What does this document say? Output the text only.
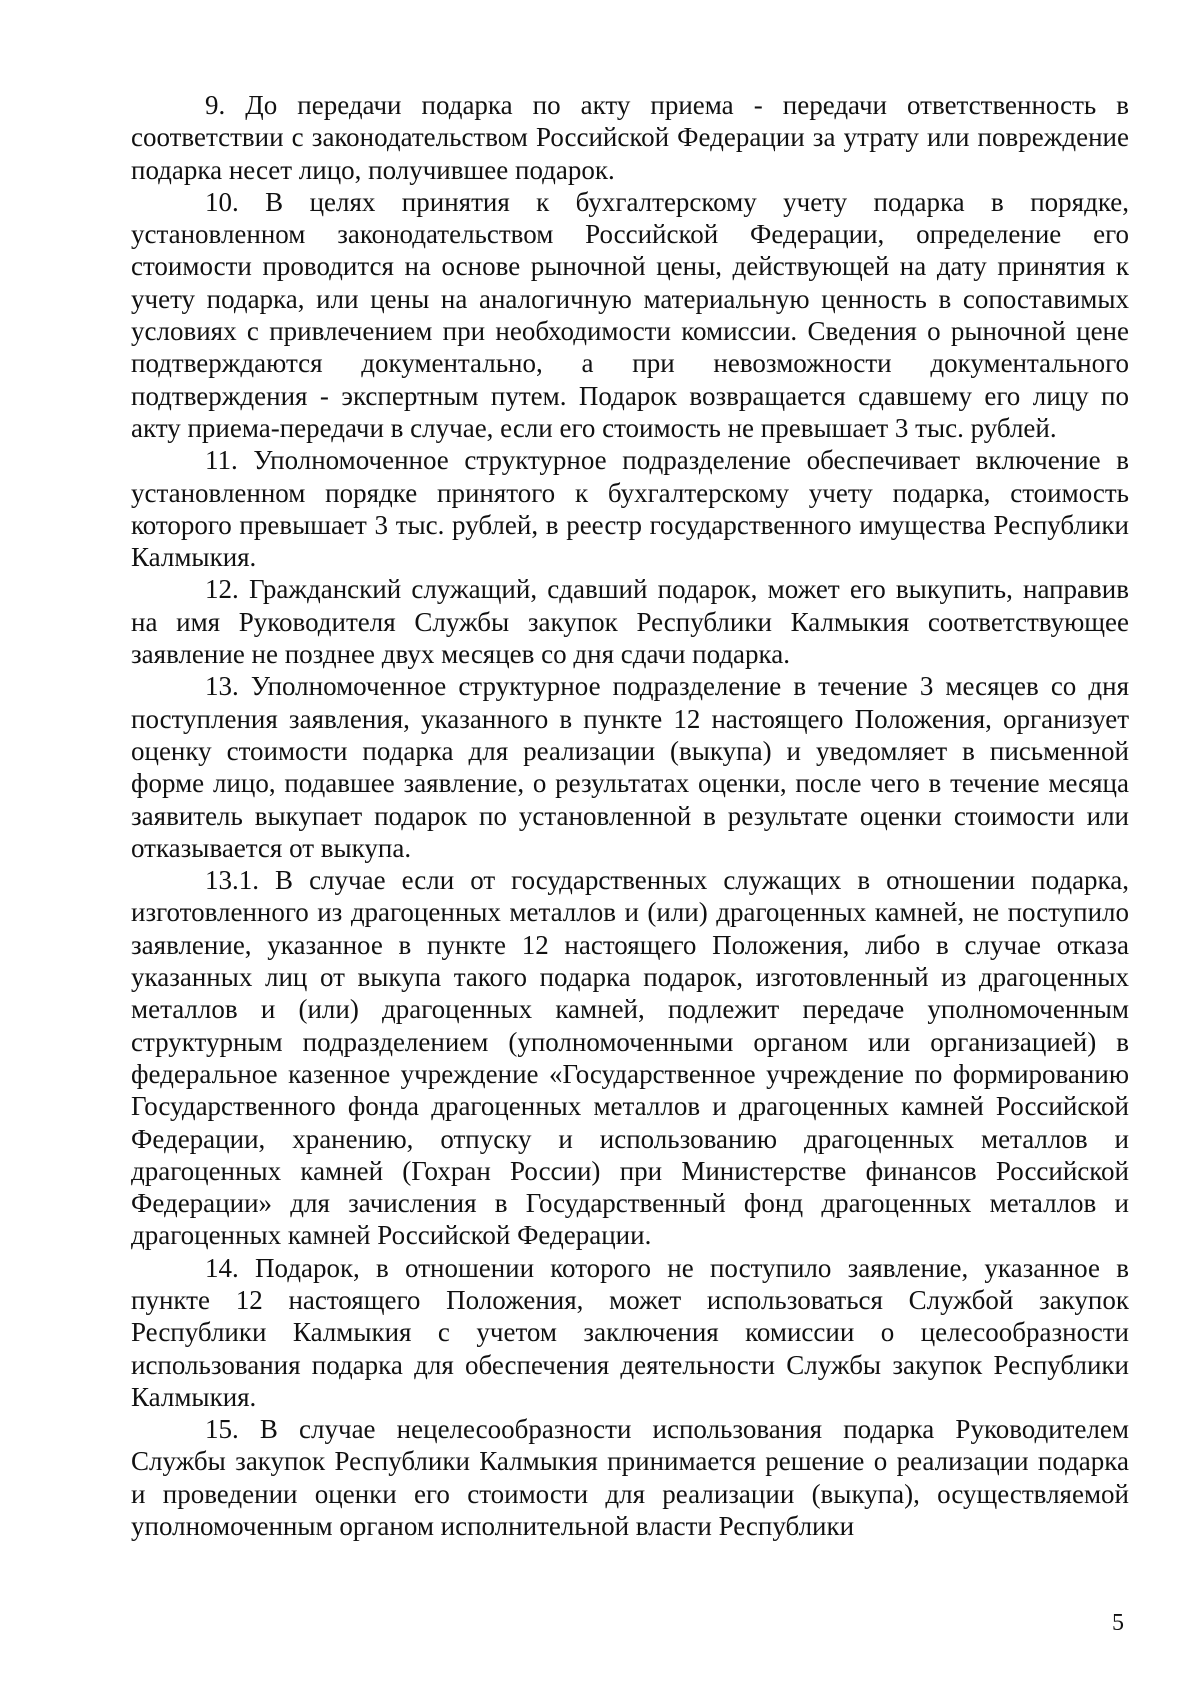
9. До передачи подарка по акту приема - передачи ответственность в соответствии с законодательством Российской Федерации за утрату или повреждение подарка несет лицо, получившее подарок.

10. В целях принятия к бухгалтерскому учету подарка в порядке, установленном законодательством Российской Федерации, определение его стоимости проводится на основе рыночной цены, действующей на дату принятия к учету подарка, или цены на аналогичную материальную ценность в сопоставимых условиях с привлечением при необходимости комиссии. Сведения о рыночной цене подтверждаются документально, а при невозможности документального подтверждения - экспертным путем. Подарок возвращается сдавшему его лицу по акту приема-передачи в случае, если его стоимость не превышает 3 тыс. рублей.

11. Уполномоченное структурное подразделение обеспечивает включение в установленном порядке принятого к бухгалтерскому учету подарка, стоимость которого превышает 3 тыс. рублей, в реестр государственного имущества Республики Калмыкия.

12. Гражданский служащий, сдавший подарок, может его выкупить, направив на имя Руководителя Службы закупок Республики Калмыкия соответствующее заявление не позднее двух месяцев со дня сдачи подарка.

13. Уполномоченное структурное подразделение в течение 3 месяцев со дня поступления заявления, указанного в пункте 12 настоящего Положения, организует оценку стоимости подарка для реализации (выкупа) и уведомляет в письменной форме лицо, подавшее заявление, о результатах оценки, после чего в течение месяца заявитель выкупает подарок по установленной в результате оценки стоимости или отказывается от выкупа.

13.1. В случае если от государственных служащих в отношении подарка, изготовленного из драгоценных металлов и (или) драгоценных камней, не поступило заявление, указанное в пункте 12 настоящего Положения, либо в случае отказа указанных лиц от выкупа такого подарка подарок, изготовленный из драгоценных металлов и (или) драгоценных камней, подлежит передаче уполномоченным структурным подразделением (уполномоченными органом или организацией) в федеральное казенное учреждение «Государственное учреждение по формированию Государственного фонда драгоценных металлов и драгоценных камней Российской Федерации, хранению, отпуску и использованию драгоценных металлов и драгоценных камней (Гохран России) при Министерстве финансов Российской Федерации» для зачисления в Государственный фонд драгоценных металлов и драгоценных камней Российской Федерации.

14. Подарок, в отношении которого не поступило заявление, указанное в пункте 12 настоящего Положения, может использоваться Службой закупок Республики Калмыкия с учетом заключения комиссии о целесообразности использования подарка для обеспечения деятельности Службы закупок Республики Калмыкия.

15. В случае нецелесообразности использования подарка Руководителем Службы закупок Республики Калмыкия принимается решение о реализации подарка и проведении оценки его стоимости для реализации (выкупа), осуществляемой уполномоченным органом исполнительной власти Республики

5
